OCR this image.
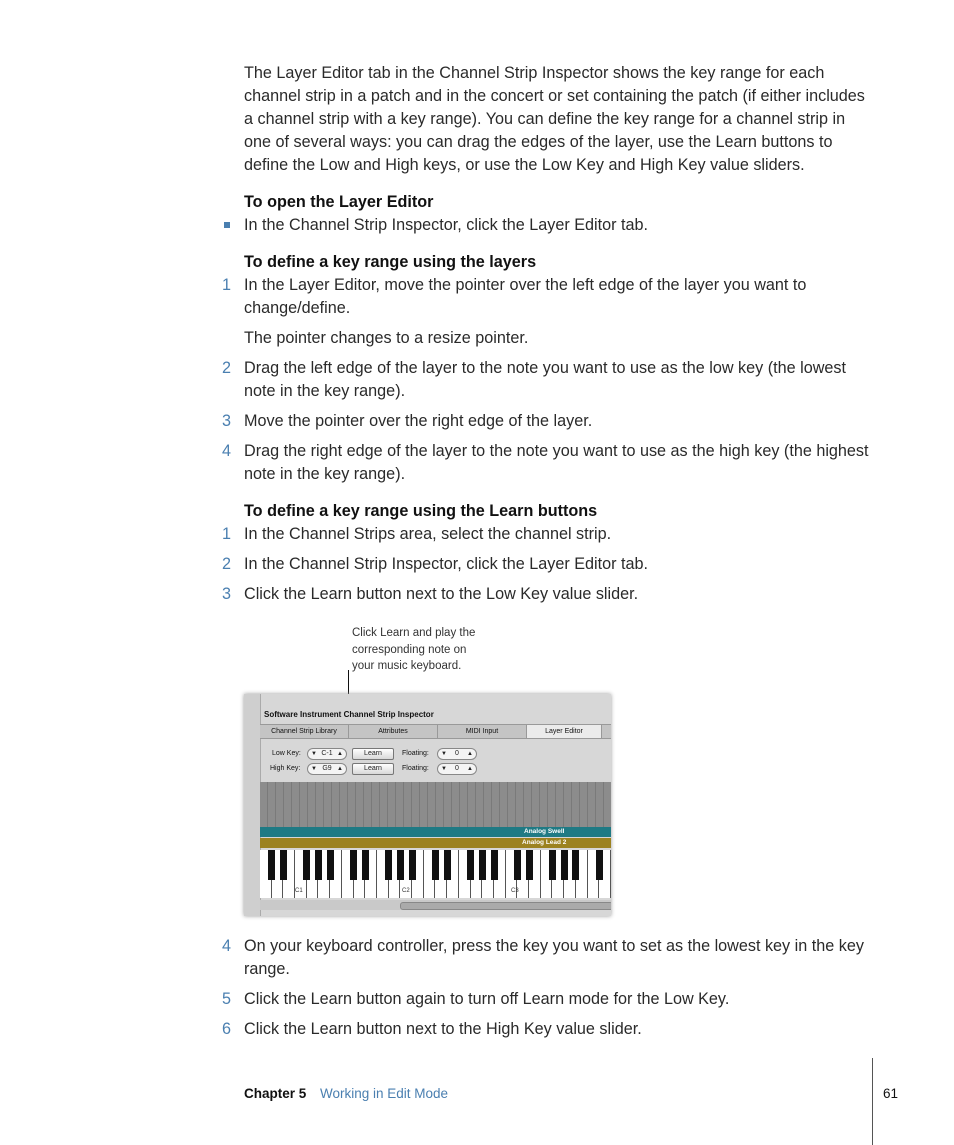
The Layer Editor tab in the Channel Strip Inspector shows the key range for each channel strip in a patch and in the concert or set containing the patch (if either includes a channel strip with a key range). You can define the key range for a channel strip in one of several ways: you can drag the edges of the layer, use the Learn buttons to define the Low and High keys, or use the Low Key and High Key value sliders.
To open the Layer Editor
In the Channel Strip Inspector, click the Layer Editor tab.
To define a key range using the layers
1 In the Layer Editor, move the pointer over the left edge of the layer you want to change/define.
The pointer changes to a resize pointer.
2 Drag the left edge of the layer to the note you want to use as the low key (the lowest note in the key range).
3 Move the pointer over the right edge of the layer.
4 Drag the right edge of the layer to the note you want to use as the high key (the highest note in the key range).
To define a key range using the Learn buttons
1 In the Channel Strips area, select the channel strip.
2 In the Channel Strip Inspector, click the Layer Editor tab.
3 Click the Learn button next to the Low Key value slider.
Click Learn and play the
corresponding note on
your music keyboard.
Software Instrument Channel Strip Inspector
Channel Strip Library	Attributes	MIDI Input	Layer Editor
Low Key: ▼ C-1 ▲	Learn	Floating: ▼ 0 ▲
High Key: ▼ G9 ▲	Learn	Floating: ▼ 0 ▲
Analog Swell
Analog Lead 2
C1	C2	C3
4 On your keyboard controller, press the key you want to set as the lowest key in the key range.
5 Click the Learn button again to turn off Learn mode for the Low Key.
6 Click the Learn button next to the High Key value slider.
Chapter 5 Working in Edit Mode	61
